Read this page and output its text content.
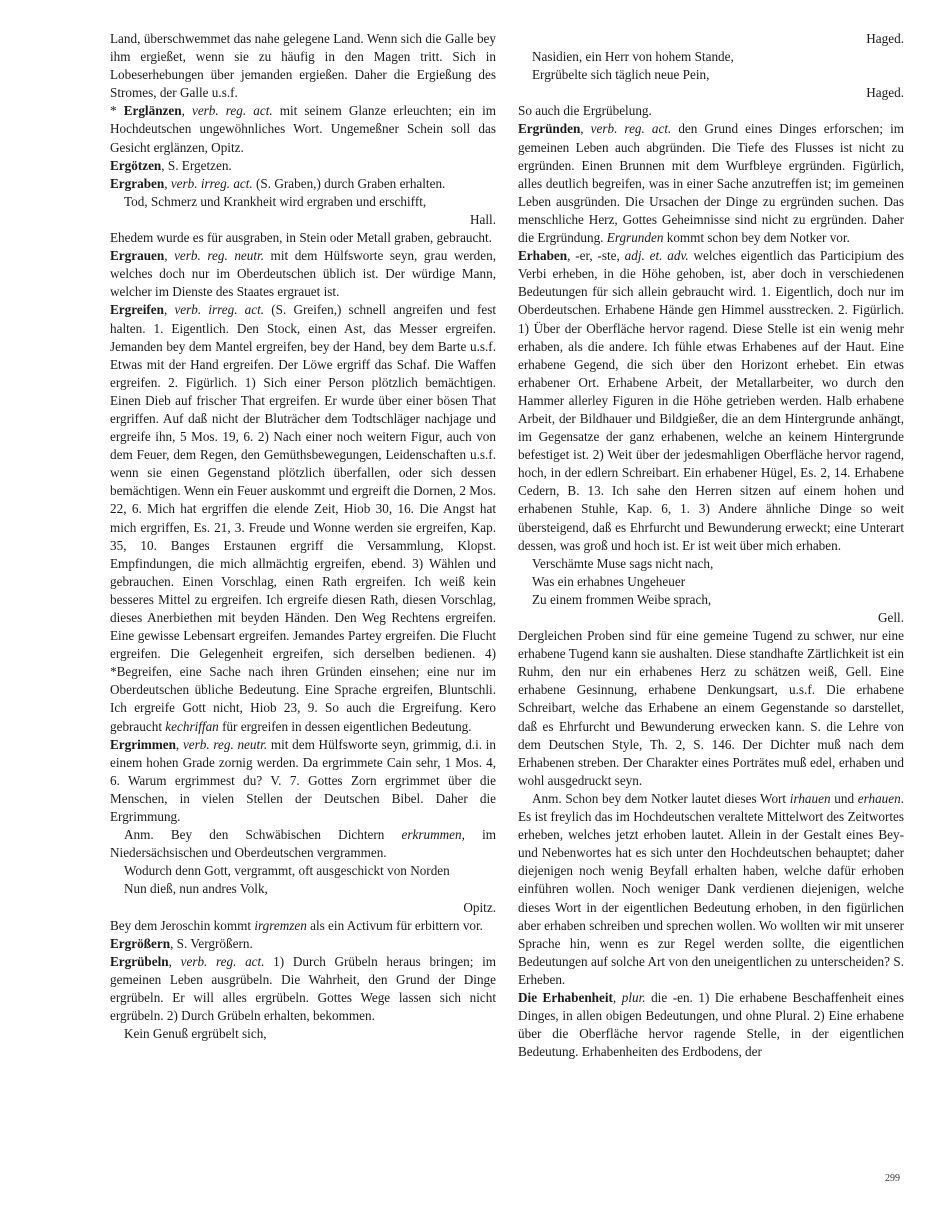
Land, überschwemmet das nahe gelegene Land. Wenn sich die Galle bey ihm ergießet, wenn sie zu häufig in den Magen tritt. Sich in Lobeserhebungen über jemanden ergießen. Daher die Ergießung des Stromes, der Galle u.s.f.

* Erglänzen, verb. reg. act. mit seinem Glanze erleuchten; ein im Hochdeutschen ungewöhnliches Wort. Ungemeßner Schein soll das Gesicht erglänzen, Opitz.

Ergötzen, S. Ergetzen.

Ergraben, verb. irreg. act. (S. Graben,) durch Graben erhalten.

Tod, Schmerz und Krankheit wird ergraben und erschifft,

Hall.

Ehedem wurde es für ausgraben, in Stein oder Metall graben, gebraucht.

Ergrauen, verb. reg. neutr. mit dem Hülfsworte seyn, grau werden, welches doch nur im Oberdeutschen üblich ist. Der würdige Mann, welcher im Dienste des Staates ergrauet ist.

Ergreifen, verb. irreg. act. (S. Greifen,) schnell angreifen und fest halten. 1. Eigentlich. Den Stock, einen Ast, das Messer ergreifen. Jemanden bey dem Mantel ergreifen, bey der Hand, bey dem Barte u.s.f. Etwas mit der Hand ergreifen. Der Löwe ergriff das Schaf. Die Waffen ergreifen. 2. Figürlich. 1) Sich einer Person plötzlich bemächtigen. Einen Dieb auf frischer That ergreifen. Er wurde über einer bösen That ergriffen. Auf daß nicht der Bluträcher dem Todtschläger nachjage und ergreife ihn, 5 Mos. 19, 6. 2) Nach einer noch weitern Figur, auch von dem Feuer, dem Regen, den Gemüthsbewegungen, Leidenschaften u.s.f. wenn sie einen Gegenstand plötzlich überfallen, oder sich dessen bemächtigen. Wenn ein Feuer auskommt und ergreift die Dornen, 2 Mos. 22, 6. Mich hat ergriffen die elende Zeit, Hiob 30, 16. Die Angst hat mich ergriffen, Es. 21, 3. Freude und Wonne werden sie ergreifen, Kap. 35, 10. Banges Erstaunen ergriff die Versammlung, Klopst. Empfindungen, die mich allmächtig ergreifen, ebend. 3) Wählen und gebrauchen. Einen Vorschlag, einen Rath ergreifen. Ich weiß kein besseres Mittel zu ergreifen. Ich ergreife diesen Rath, diesen Vorschlag, dieses Anerbiethen mit beyden Händen. Den Weg Rechtens ergreifen. Eine gewisse Lebensart ergreifen. Jemandes Partey ergreifen. Die Flucht ergreifen. Die Gelegenheit ergreifen, sich derselben bedienen. 4) *Begreifen, eine Sache nach ihren Gründen einsehen; eine nur im Oberdeutschen übliche Bedeutung. Eine Sprache ergreifen, Bluntschli. Ich ergreife Gott nicht, Hiob 23, 9. So auch die Ergreifung. Kero gebraucht kechriffan für ergreifen in dessen eigentlichen Bedeutung.

Ergrimmen, verb. reg. neutr. mit dem Hülfsworte seyn, grimmig, d.i. in einem hohen Grade zornig werden. Da ergrimmete Cain sehr, 1 Mos. 4, 6. Warum ergrimmest du? V. 7. Gottes Zorn ergrimmet über die Menschen, in vielen Stellen der Deutschen Bibel. Daher die Ergrimmung.

Anm. Bey den Schwäbischen Dichtern erkrummen, im Niedersächsischen und Oberdeutschen vergrammen.

Wodurch denn Gott, vergrammt, oft ausgeschickt von Norden

Nun dieß, nun andres Volk,

Opitz.

Bey dem Jeroschin kommt irgremzen als ein Activum für erbittern vor.

Ergrößern, S. Vergrößern.

Ergrübeln, verb. reg. act. 1) Durch Grübeln heraus bringen; im gemeinen Leben ausgrübeln. Die Wahrheit, den Grund der Dinge ergrübeln. Er will alles ergrübeln. Gottes Wege lassen sich nicht ergrübeln. 2) Durch Grübeln erhalten, bekommen.

Kein Genuß ergrübelt sich,

Haged.

Nasidien, ein Herr von hohem Stande,

Ergrübelte sich täglich neue Pein,

Haged.

So auch die Ergrübelung.

Ergründen, verb. reg. act. den Grund eines Dinges erforschen; im gemeinen Leben auch abgründen. Die Tiefe des Flusses ist nicht zu ergründen. Einen Brunnen mit dem Wurfbleye ergründen. Figürlich, alles deutlich begreifen, was in einer Sache anzutreffen ist; im gemeinen Leben ausgründen. Die Ursachen der Dinge zu ergründen suchen. Das menschliche Herz, Gottes Geheimnisse sind nicht zu ergründen. Daher die Ergründung. Ergrunden kommt schon bey dem Notker vor.

Erhaben, -er, -ste, adj. et. adv. welches eigentlich das Participium des Verbi erheben, in die Höhe gehoben, ist, aber doch in verschiedenen Bedeutungen für sich allein gebraucht wird. 1. Eigentlich, doch nur im Oberdeutschen. Erhabene Hände gen Himmel ausstrecken. 2. Figürlich. 1) Über der Oberfläche hervor ragend. Diese Stelle ist ein wenig mehr erhaben, als die andere. Ich fühle etwas Erhabenes auf der Haut. Eine erhabene Gegend, die sich über den Horizont erhebet. Ein etwas erhabener Ort. Erhabene Arbeit, der Metallarbeiter, wo durch den Hammer allerley Figuren in die Höhe getrieben werden. Halb erhabene Arbeit, der Bildhauer und Bildgießer, die an dem Hintergrunde anhängt, im Gegensatze der ganz erhabenen, welche an keinem Hintergrunde befestiget ist. 2) Weit über der jedesmahligen Oberfläche hervor ragend, hoch, in der edlern Schreibart. Ein erhabener Hügel, Es. 2, 14. Erhabene Cedern, B. 13. Ich sahe den Herren sitzen auf einem hohen und erhabenen Stuhle, Kap. 6, 1. 3) Andere ähnliche Dinge so weit übersteigend, daß es Ehrfurcht und Bewunderung erweckt; eine Unterart dessen, was groß und hoch ist. Er ist weit über mich erhaben.

Verschämte Muse sags nicht nach,

Was ein erhabnes Ungeheuer

Zu einem frommen Weibe sprach,

Gell.

Dergleichen Proben sind für eine gemeine Tugend zu schwer, nur eine erhabene Tugend kann sie aushalten. Diese standhafte Zärtlichkeit ist ein Ruhm, den nur ein erhabenes Herz zu schätzen weiß, Gell. Eine erhabene Gesinnung, erhabene Denkungsart, u.s.f. Die erhabene Schreibart, welche das Erhabene an einem Gegenstande so darstellet, daß es Ehrfurcht und Bewunderung erwecken kann. S. die Lehre von dem Deutschen Style, Th. 2, S. 146. Der Dichter muß nach dem Erhabenen streben. Der Charakter eines Porträtes muß edel, erhaben und wohl ausgedruckt seyn.

Anm. Schon bey dem Notker lautet dieses Wort irhauen und erhauen. Es ist freylich das im Hochdeutschen veraltete Mittelwort des Zeitwortes erheben, welches jetzt erhoben lautet. Allein in der Gestalt eines Bey- und Nebenwortes hat es sich unter den Hochdeutschen behauptet; daher diejenigen noch wenig Beyfall erhalten haben, welche dafür erhoben einführen wollen. Noch weniger Dank verdienen diejenigen, welche dieses Wort in der eigentlichen Bedeutung erhoben, in den figürlichen aber erhaben schreiben und sprechen wollen. Wo wollten wir mit unserer Sprache hin, wenn es zur Regel werden sollte, die eigentlichen Bedeutungen auf solche Art von den uneigentlichen zu unterscheiden? S. Erheben.

Die Erhabenheit, plur. die -en. 1) Die erhabene Beschaffenheit eines Dinges, in allen obigen Bedeutungen, und ohne Plural. 2) Eine erhabene über die Oberfläche hervor ragende Stelle, in der eigentlichen Bedeutung. Erhabenheiten des Erdbodens, der

299
